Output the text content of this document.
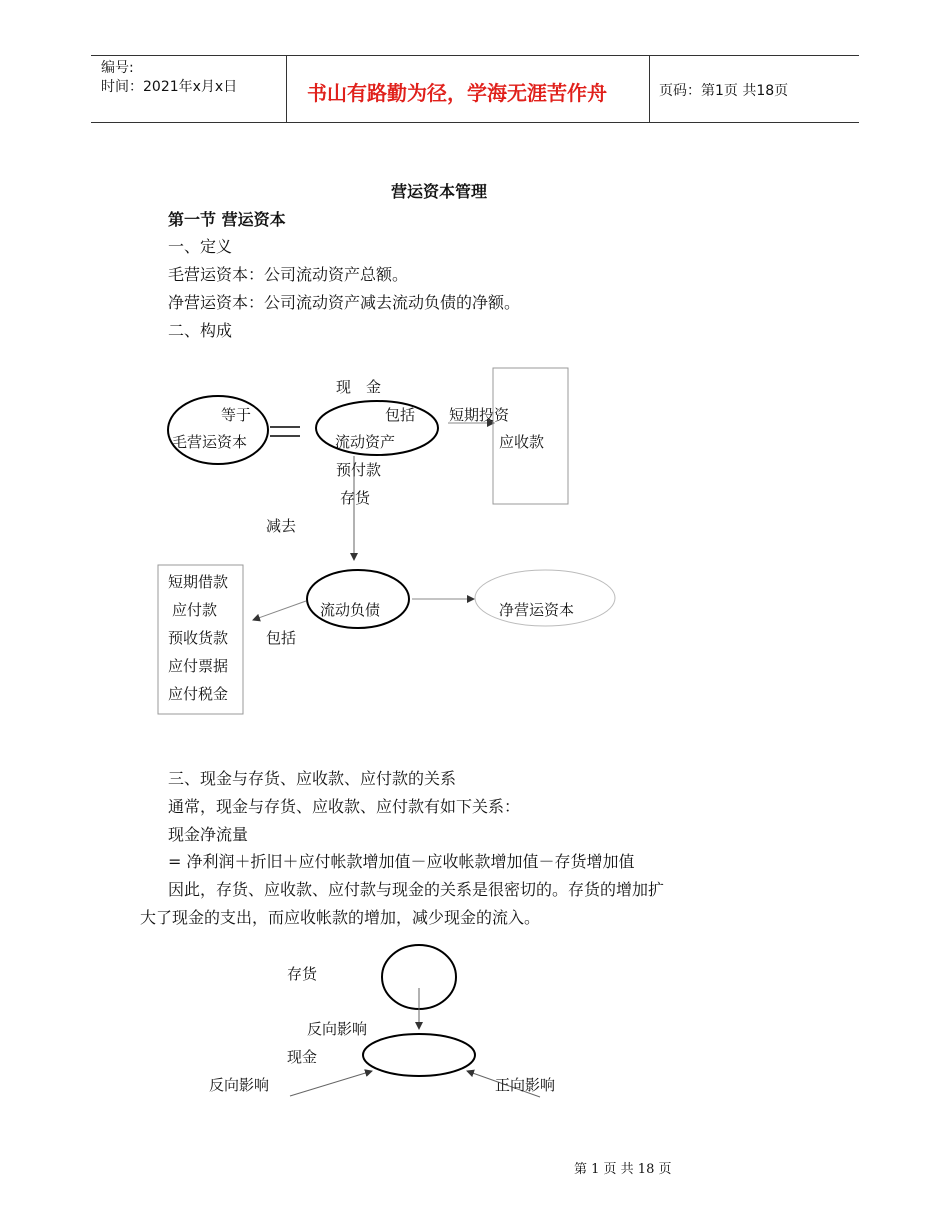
编号:
时间：2021年x月x日	书山有路勤为径，学海无涯苦作舟	页码：第1页 共18页
营运资本管理
第一节 营运资本
一、定义
毛营运资本：公司流动资产总额。
净营运资本：公司流动资产减去流动负债的净额。
二、构成
现　金
等于	包括 短期投资
毛营运资本	流动资产	应收款
预付款
存货
减去
短期借款
流动负债	净营运资本
应付款
预收货款	包括
应付票据
应付税金
三、现金与存货、应收款、应付款的关系
通常，现金与存货、应收款、应付款有如下关系：
现金净流量
= 净利润＋折旧＋应付帐款增加值－应收帐款增加值－存货增加值
因此，存货、应收款、应付款与现金的关系是很密切的。存货的增加扩
大了现金的支出，而应收帐款的增加，减少现金的流入。
存货
反向影响
现金
反向影响	正向影响
第 1 页 共 18 页
